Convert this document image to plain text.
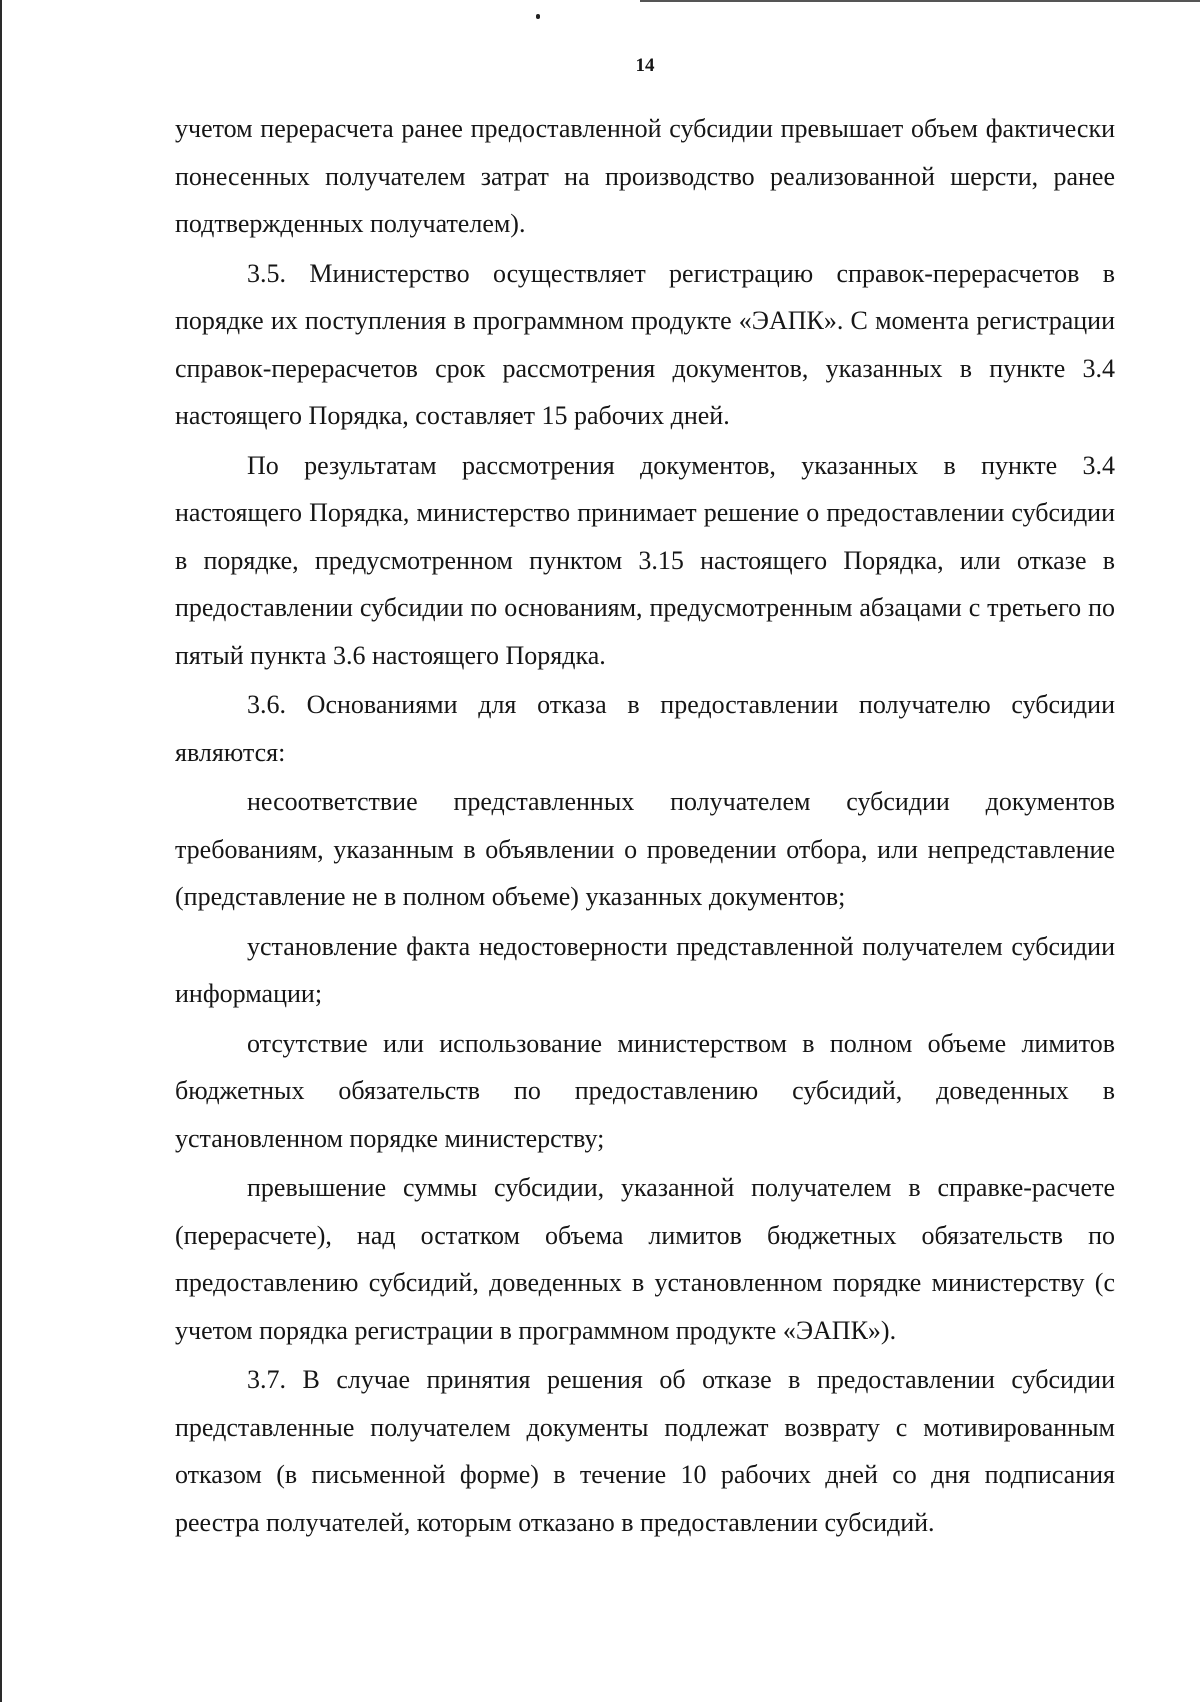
14

учетом перерасчета ранее предоставленной субсидии превышает объем фактически понесенных получателем затрат на производство реализованной шерсти, ранее подтвержденных получателем).

3.5. Министерство осуществляет регистрацию справок-перерасчетов в порядке их поступления в программном продукте «ЭАПК». С момента регистрации справок-перерасчетов срок рассмотрения документов, указанных в пункте 3.4 настоящего Порядка, составляет 15 рабочих дней.

По результатам рассмотрения документов, указанных в пункте 3.4 настоящего Порядка, министерство принимает решение о предоставлении субсидии в порядке, предусмотренном пунктом 3.15 настоящего Порядка, или отказе в предоставлении субсидии по основаниям, предусмотренным абзацами с третьего по пятый пункта 3.6 настоящего Порядка.

3.6. Основаниями для отказа в предоставлении получателю субсидии являются:

несоответствие представленных получателем субсидии документов требованиям, указанным в объявлении о проведении отбора, или непредставление (представление не в полном объеме) указанных документов;

установление факта недостоверности представленной получателем субсидии информации;

отсутствие или использование министерством в полном объеме лимитов бюджетных обязательств по предоставлению субсидий, доведенных в установленном порядке министерству;

превышение суммы субсидии, указанной получателем в справке-расчете (перерасчете), над остатком объема лимитов бюджетных обязательств по предоставлению субсидий, доведенных в установленном порядке министерству (с учетом порядка регистрации в программном продукте «ЭАПК»).

3.7. В случае принятия решения об отказе в предоставлении субсидии представленные получателем документы подлежат возврату с мотивированным отказом (в письменной форме) в течение 10 рабочих дней со дня подписания реестра получателей, которым отказано в предоставлении субсидий.
